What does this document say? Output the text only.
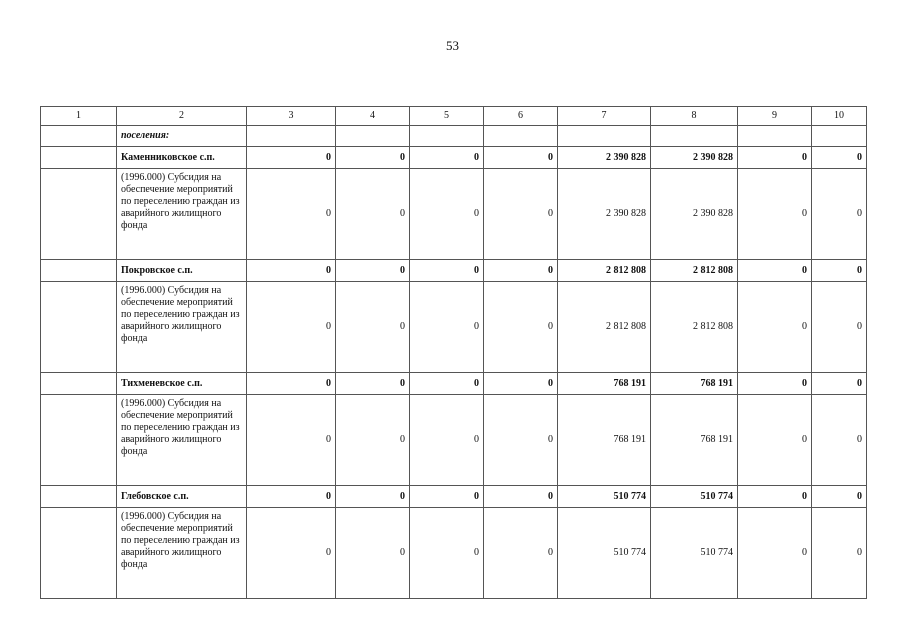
53
1	2	3	4	5	6	7	8	9	10
	поселения:								
	Каменниковское с.п.	0	0	0	0	2 390 828	2 390 828	0	0
	(1996.000) Субсидия на обеспечение мероприятий по переселению граждан из аварийного жилищного фонда	0	0	0	0	2 390 828	2 390 828	0	0
	Покровское с.п.	0	0	0	0	2 812 808	2 812 808	0	0
	(1996.000) Субсидия на обеспечение мероприятий по переселению граждан из аварийного жилищного фонда	0	0	0	0	2 812 808	2 812 808	0	0
	Тихменевское с.п.	0	0	0	0	768 191	768 191	0	0
	(1996.000) Субсидия на обеспечение мероприятий по переселению граждан из аварийного жилищного фонда	0	0	0	0	768 191	768 191	0	0
	Глебовское с.п.	0	0	0	0	510 774	510 774	0	0
	(1996.000) Субсидия на обеспечение мероприятий по переселению граждан из аварийного жилищного фонда	0	0	0	0	510 774	510 774	0	0
